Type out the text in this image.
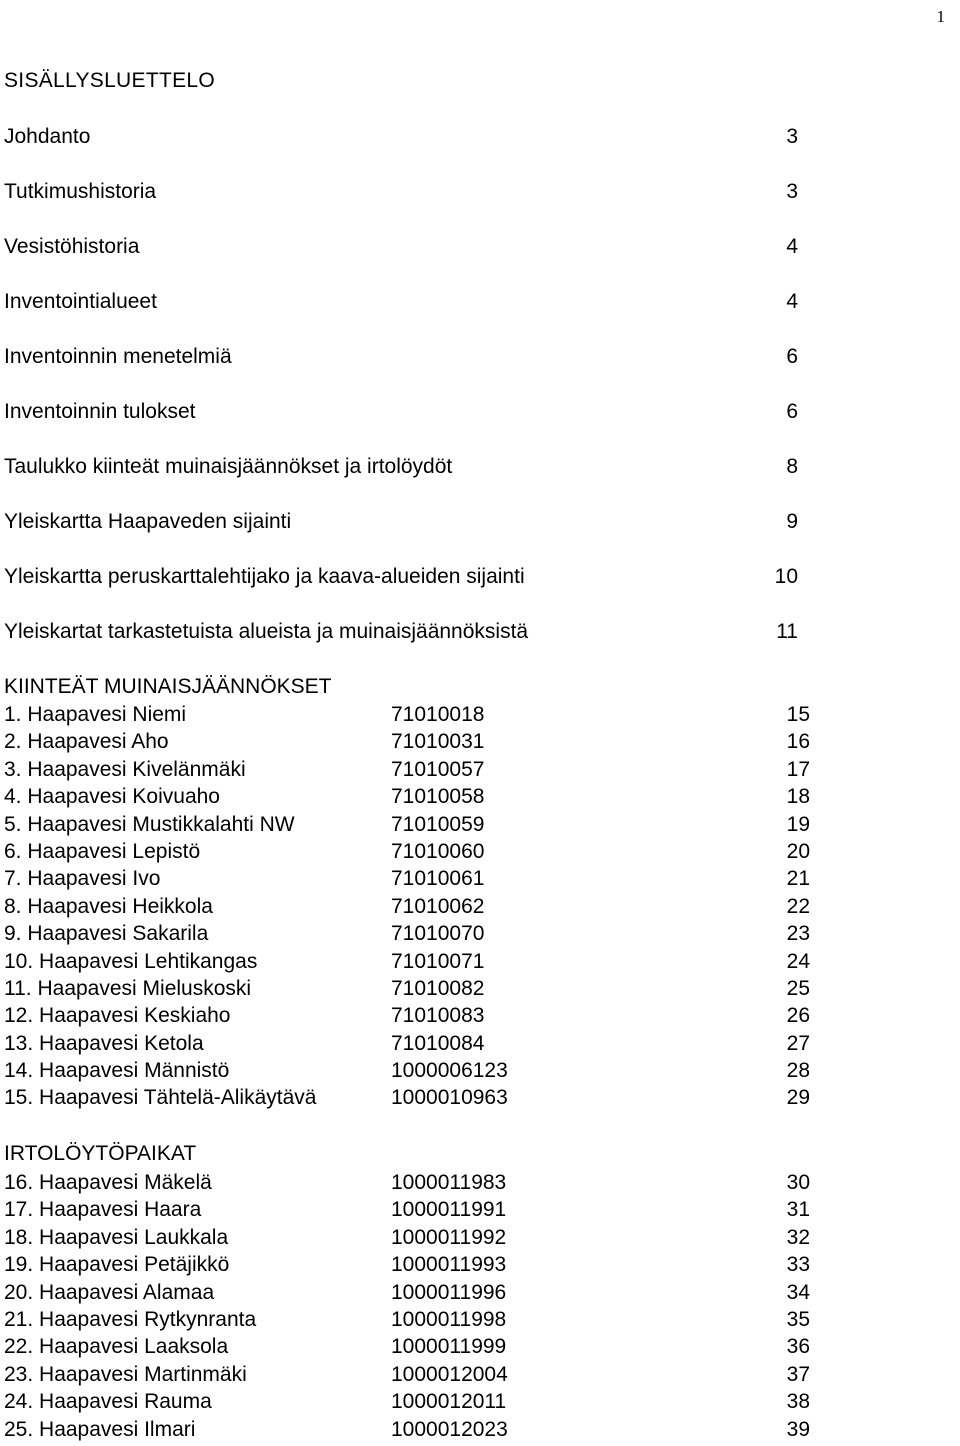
1
SISÄLLYSLUETTELO
Johdanto	3
Tutkimushistoria	3
Vesistöhistoria	4
Inventointialueet	4
Inventoinnin menetelmiä	6
Inventoinnin tulokset	6
Taulukko kiinteät muinaisjäännökset ja irtolöydöt	8
Yleiskartta Haapaveden sijainti	9
Yleiskartta peruskarttalehtijako ja kaava-alueiden sijainti	10
Yleiskartat tarkastetuista alueista ja muinaisjäännöksistä	11
KIINTEÄT MUINAISJÄÄNNÖKSET
1. Haapavesi Niemi	71010018	15
2. Haapavesi Aho	71010031	16
3. Haapavesi Kivelänmäki	71010057	17
4. Haapavesi Koivuaho	71010058	18
5. Haapavesi Mustikkalahti NW	71010059	19
6. Haapavesi Lepistö	71010060	20
7. Haapavesi Ivo	71010061	21
8. Haapavesi Heikkola	71010062	22
9. Haapavesi Sakarila	71010070	23
10. Haapavesi Lehtikangas	71010071	24
11. Haapavesi Mieluskoski	71010082	25
12. Haapavesi Keskiaho	71010083	26
13. Haapavesi Ketola	71010084	27
14. Haapavesi Männistö	1000006123	28
15. Haapavesi Tähtelä-Alikäytävä	1000010963	29
IRTOLÖYTÖPAIKAT
16. Haapavesi Mäkelä	1000011983	30
17. Haapavesi Haara	1000011991	31
18. Haapavesi Laukkala	1000011992	32
19. Haapavesi Petäjikkö	1000011993	33
20. Haapavesi Alamaa	1000011996	34
21. Haapavesi Rytkynranta	1000011998	35
22. Haapavesi Laaksola	1000011999	36
23. Haapavesi Martinmäki	1000012004	37
24. Haapavesi Rauma	1000012011	38
25. Haapavesi Ilmari	1000012023	39
